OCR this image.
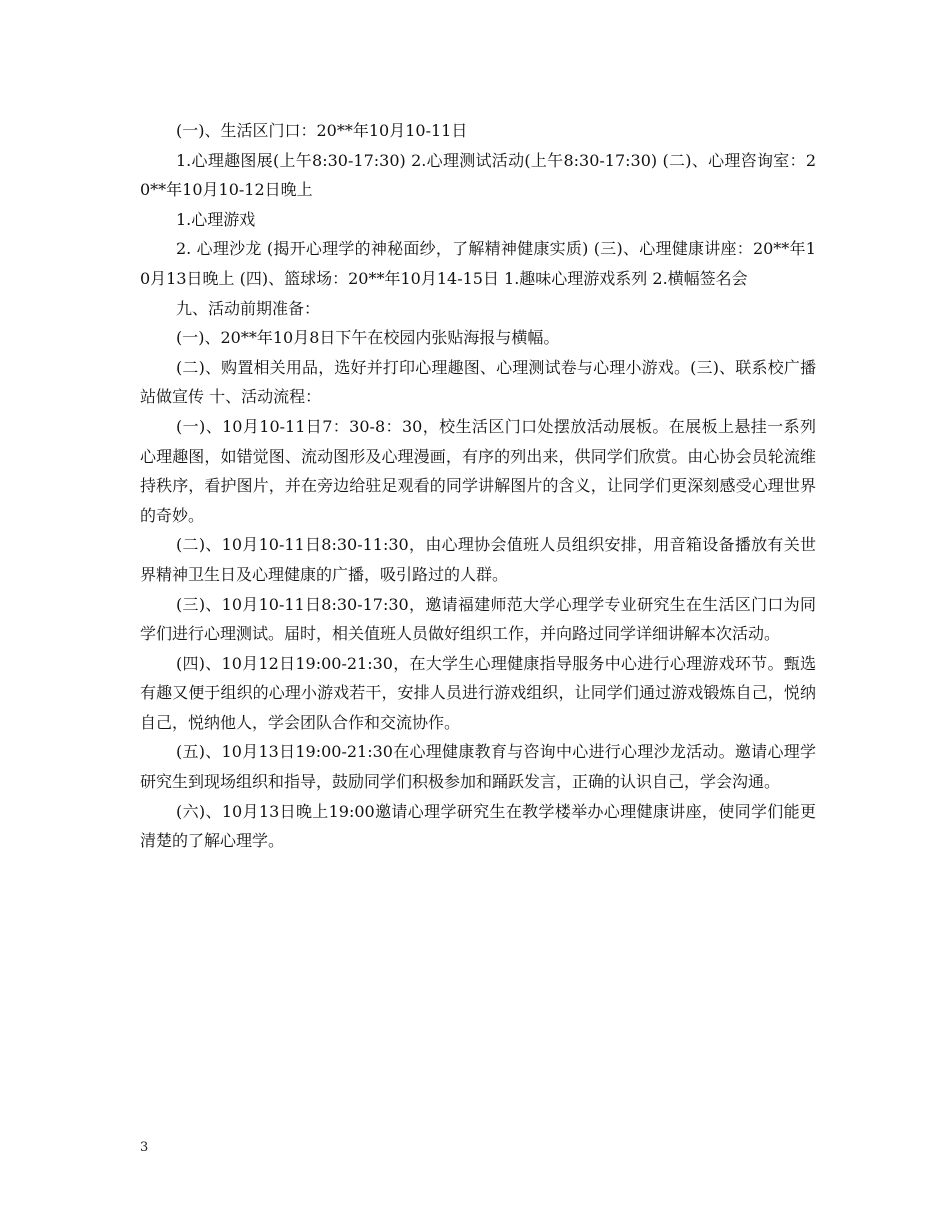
(一)、生活区门口：20**年10月10-11日

1.心理趣图展(上午8:30-17:30) 2.心理测试活动(上午8:30-17:30) (二)、心理咨询室：20**年10月10-12日晚上

1.心理游戏

2. 心理沙龙 (揭开心理学的神秘面纱，了解精神健康实质) (三)、心理健康讲座：20**年10月13日晚上 (四)、篮球场：20**年10月14-15日 1.趣味心理游戏系列 2.横幅签名会

九、活动前期准备：

(一)、20**年10月8日下午在校园内张贴海报与横幅。

(二)、购置相关用品，选好并打印心理趣图、心理测试卷与心理小游戏。(三)、联系校广播站做宣传 十、活动流程：

(一)、10月10-11日7：30-8：30，校生活区门口处摆放活动展板。在展板上悬挂一系列心理趣图，如错觉图、流动图形及心理漫画，有序的列出来，供同学们欣赏。由心协会员轮流维持秩序，看护图片，并在旁边给驻足观看的同学讲解图片的含义，让同学们更深刻感受心理世界的奇妙。

(二)、10月10-11日8:30-11:30，由心理协会值班人员组织安排，用音箱设备播放有关世界精神卫生日及心理健康的广播，吸引路过的人群。

(三)、10月10-11日8:30-17:30，邀请福建师范大学心理学专业研究生在生活区门口为同学们进行心理测试。届时，相关值班人员做好组织工作，并向路过同学详细讲解本次活动。

(四)、10月12日19:00-21:30，在大学生心理健康指导服务中心进行心理游戏环节。甄选有趣又便于组织的心理小游戏若干，安排人员进行游戏组织，让同学们通过游戏锻炼自己，悦纳自己，悦纳他人，学会团队合作和交流协作。

(五)、10月13日19:00-21:30在心理健康教育与咨询中心进行心理沙龙活动。邀请心理学研究生到现场组织和指导，鼓励同学们积极参加和踊跃发言，正确的认识自己，学会沟通。

(六)、10月13日晚上19:00邀请心理学研究生在教学楼举办心理健康讲座，使同学们能更清楚的了解心理学。

3
